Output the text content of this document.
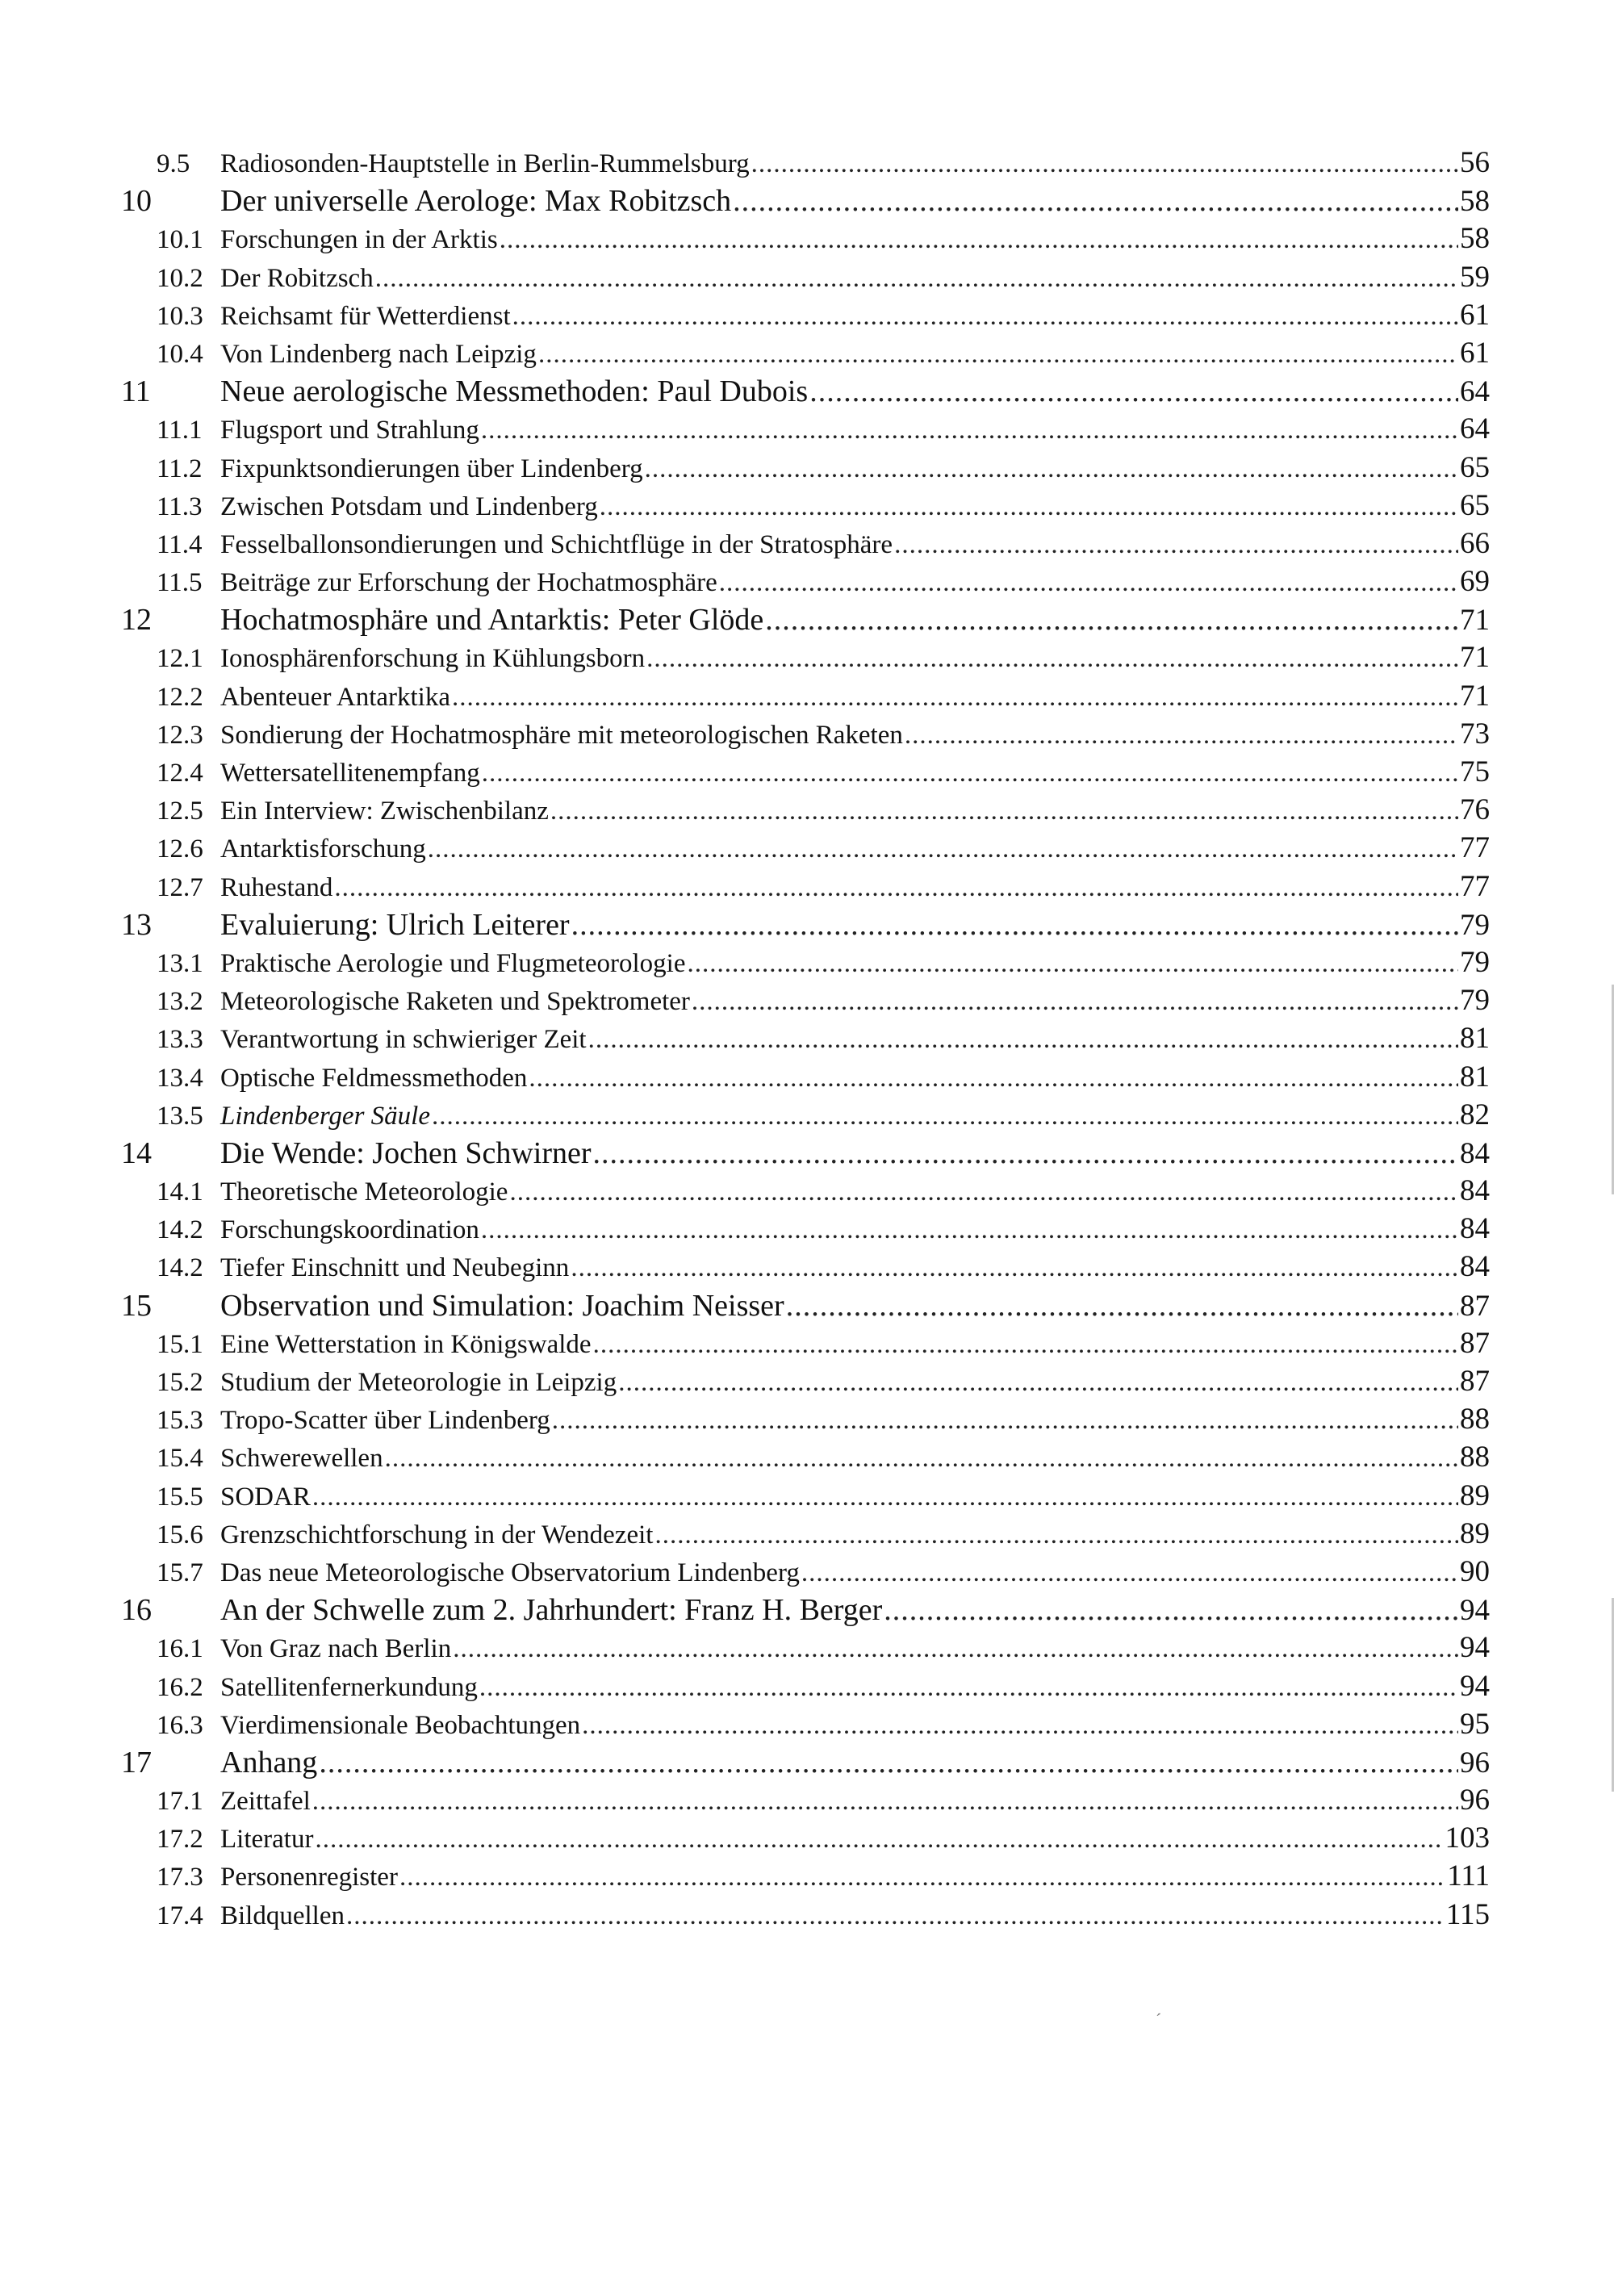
9.5	Radiosonden-Hauptstelle in Berlin-Rummelsburg .....	56
10	Der universelle Aerologe: Max Robitzsch .....	58
10.1 Forschungen in der Arktis .....	58
10.2 Der Robitzsch .....	59
10.3 Reichsamt für Wetterdienst .....	61
10.4 Von Lindenberg nach Leipzig .....	61
11	Neue aerologische Messmethoden: Paul Dubois .....	64
11.1 Flugsport und Strahlung .....	64
11.2 Fixpunktsondierungen über Lindenberg .....	65
11.3 Zwischen Potsdam und Lindenberg .....	65
11.4 Fesselballonsondierungen und Schichtflüge in der Stratosphäre .....	66
11.5 Beiträge zur Erforschung der Hochatmosphäre .....	69
12	Hochatmosphäre und Antarktis: Peter Glöde .....	71
12.1 Ionosphärenforschung in Kühlungsborn .....	71
12.2 Abenteuer Antarktika .....	71
12.3 Sondierung der Hochatmosphäre mit meteorologischen Raketen .....	73
12.4 Wettersatellitenempfang .....	75
12.5 Ein Interview: Zwischenbilanz .....	76
12.6 Antarktisforschung .....	77
12.7 Ruhestand .....	77
13	Evaluierung: Ulrich Leiterer .....	79
13.1 Praktische Aerologie und Flugmeteorologie .....	79
13.2 Meteorologische Raketen und Spektrometer .....	79
13.3 Verantwortung in schwieriger Zeit .....	81
13.4 Optische Feldmessmethoden .....	81
13.5 Lindenberger Säule .....	82
14	Die Wende: Jochen Schwirner .....	84
14.1 Theoretische Meteorologie .....	84
14.2 Forschungskoordination .....	84
14.2 Tiefer Einschnitt und Neubeginn .....	84
15	Observation und Simulation: Joachim Neisser .....	87
15.1 Eine Wetterstation in Königswalde .....	87
15.2 Studium der Meteorologie in Leipzig .....	87
15.3 Tropo-Scatter über Lindenberg .....	88
15.4 Schwerewellen .....	88
15.5 SODAR .....	89
15.6 Grenzschichtforschung in der Wendezeit .....	89
15.7 Das neue Meteorologische Observatorium Lindenberg .....	90
16	An der Schwelle zum 2. Jahrhundert: Franz H. Berger .....	94
16.1 Von Graz nach Berlin .....	94
16.2 Satellitenfernerkundung .....	94
16.3 Vierdimensionale Beobachtungen .....	95
17	Anhang .....	96
17.1 Zeittafel .....	96
17.2 Literatur .....	103
17.3 Personenregister .....	111
17.4 Bildquellen .....	115
´
